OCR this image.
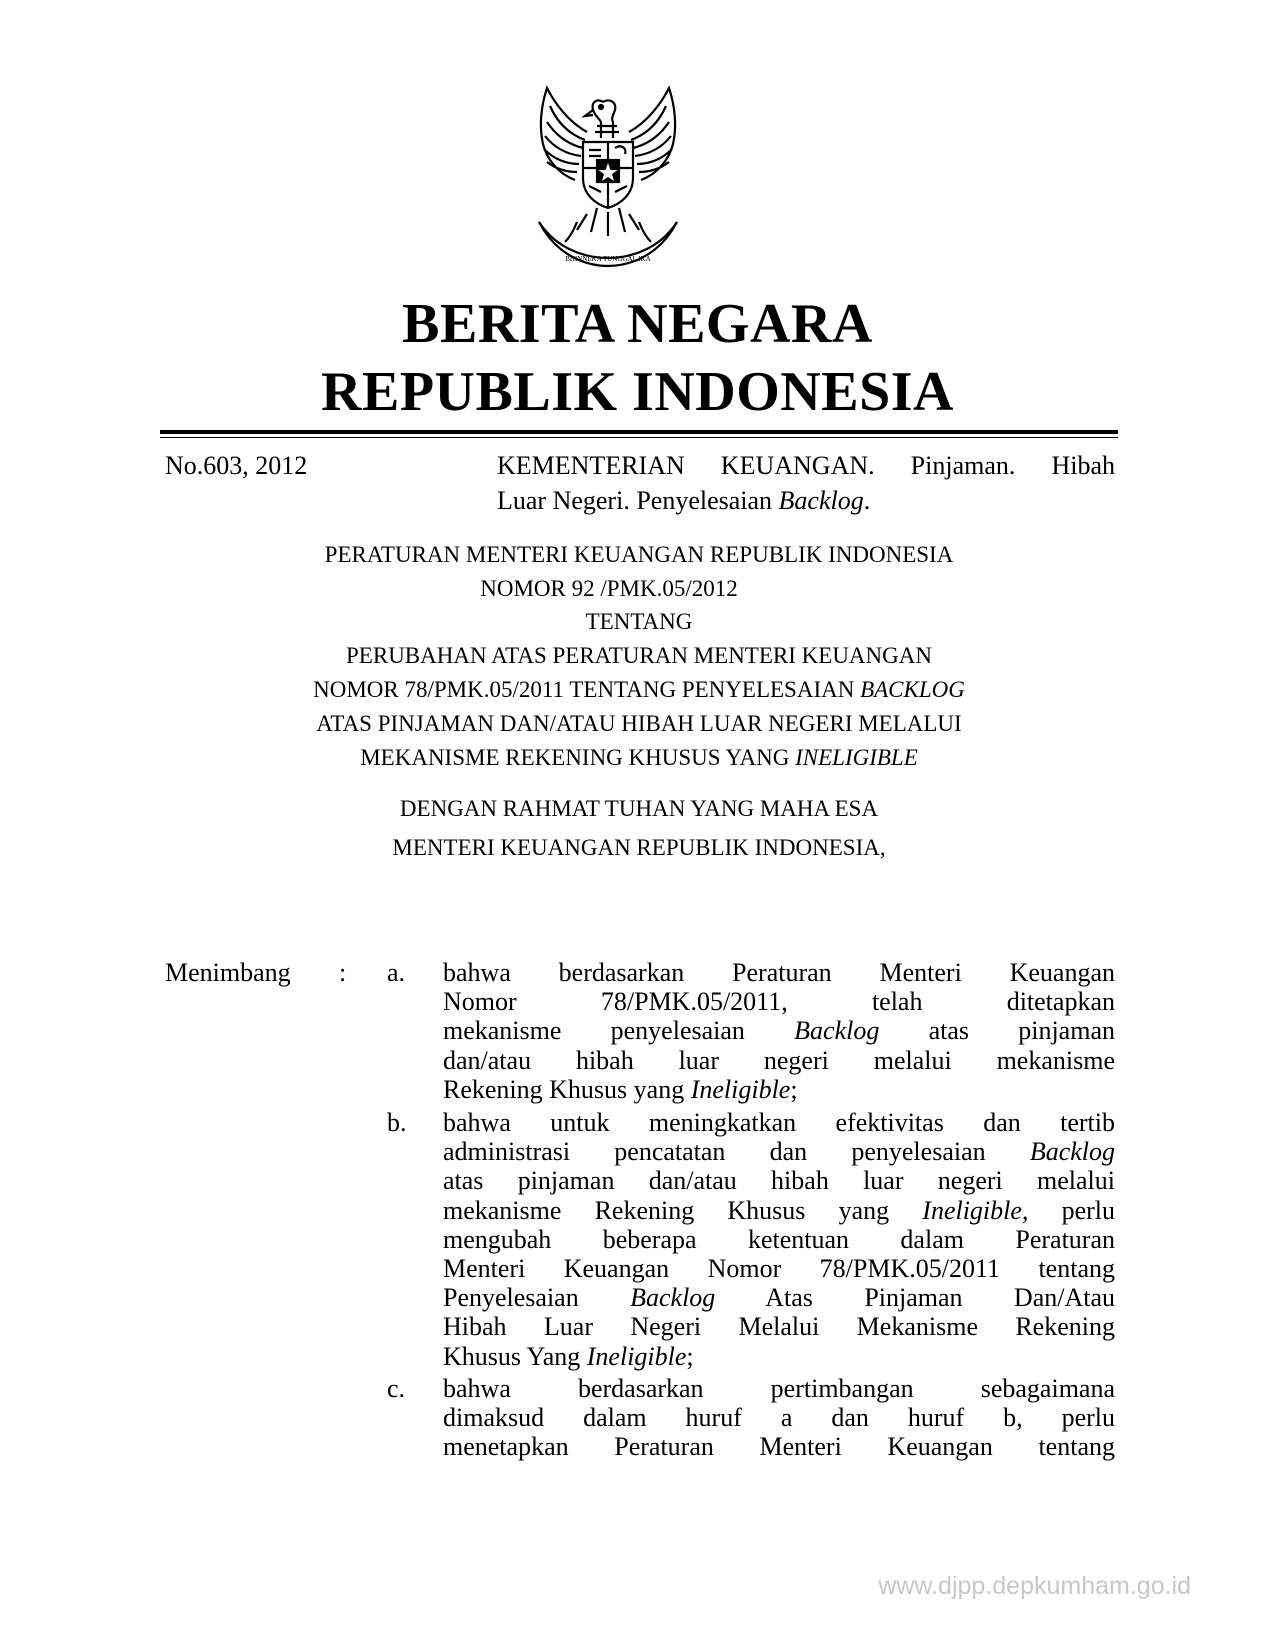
BHINNEKA TUNGGAL IKA
BERITA NEGARA
REPUBLIK INDONESIA
No.603, 2012	KEMENTERIAN KEUANGAN. Pinjaman. Hibah
Luar Negeri. Penyelesaian Backlog.
PERATURAN MENTERI KEUANGAN REPUBLIK INDONESIA
NOMOR 92 /PMK.05/2012
TENTANG
PERUBAHAN ATAS PERATURAN MENTERI KEUANGAN
NOMOR 78/PMK.05/2011 TENTANG PENYELESAIAN BACKLOG
ATAS PINJAMAN DAN/ATAU HIBAH LUAR NEGERI MELALUI
MEKANISME REKENING KHUSUS YANG INELIGIBLE
DENGAN RAHMAT TUHAN YANG MAHA ESA
MENTERI KEUANGAN REPUBLIK INDONESIA,
Menimbang : a. bahwa berdasarkan Peraturan Menteri Keuangan
Nomor 78/PMK.05/2011, telah ditetapkan
mekanisme penyelesaian Backlog atas pinjaman
dan/atau hibah luar negeri melalui mekanisme
Rekening Khusus yang Ineligible;
b. bahwa untuk meningkatkan efektivitas dan tertib
administrasi pencatatan dan penyelesaian Backlog
atas pinjaman dan/atau hibah luar negeri melalui
mekanisme Rekening Khusus yang Ineligible, perlu
mengubah beberapa ketentuan dalam Peraturan
Menteri Keuangan Nomor 78/PMK.05/2011 tentang
Penyelesaian Backlog Atas Pinjaman Dan/Atau
Hibah Luar Negeri Melalui Mekanisme Rekening
Khusus Yang Ineligible;
c. bahwa berdasarkan pertimbangan sebagaimana
dimaksud dalam huruf a dan huruf b, perlu
menetapkan Peraturan Menteri Keuangan tentang
www.djpp.depkumham.go.id
